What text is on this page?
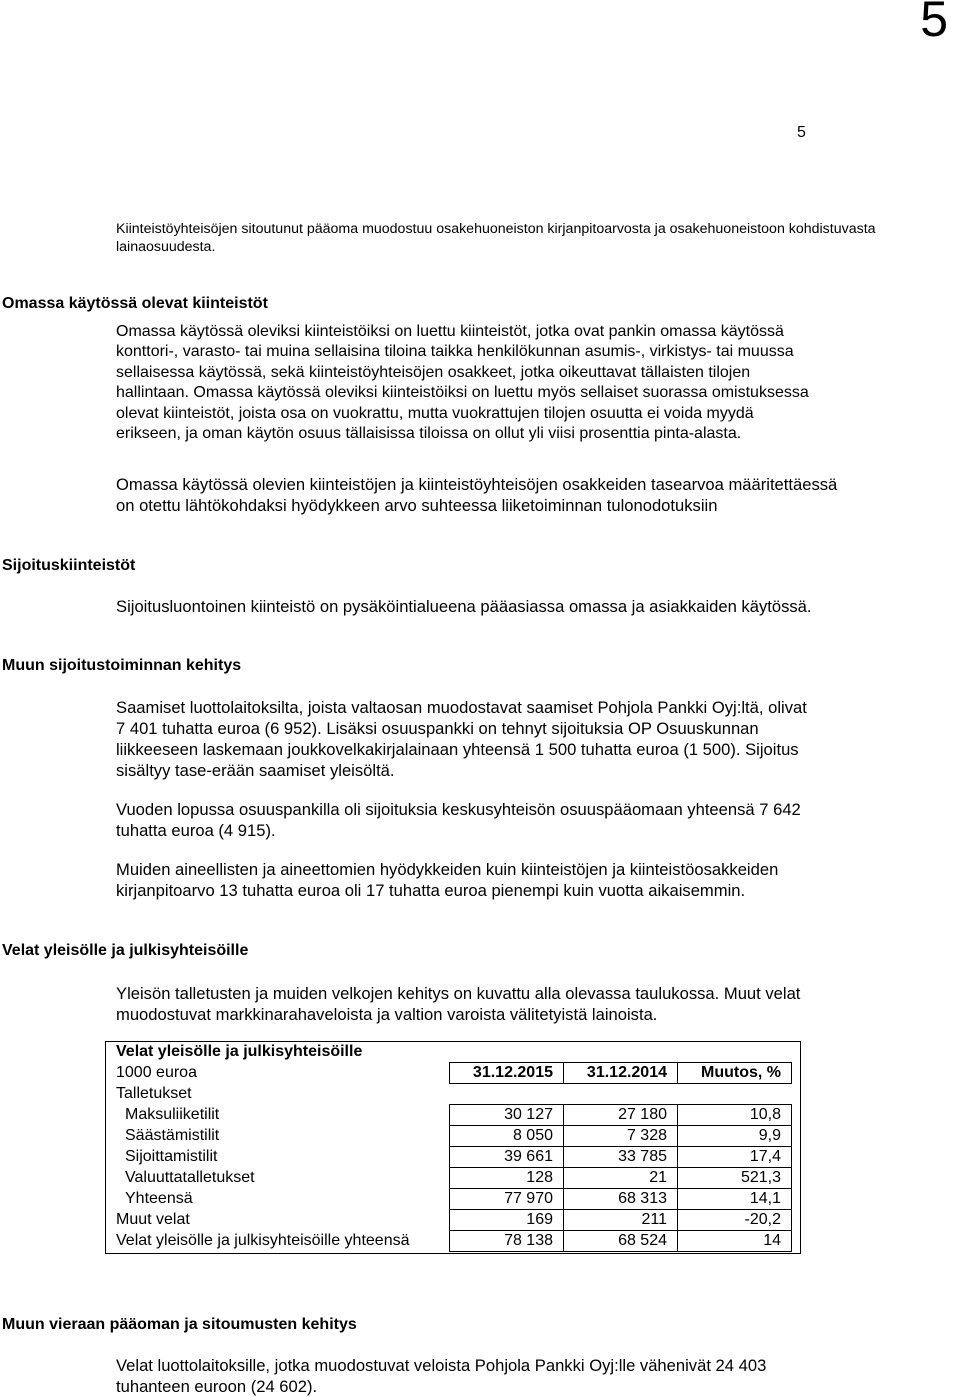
5
5
Kiinteistöyhteisöjen sitoutunut pääoma muodostuu osakehuoneiston kirjanpitoarvosta ja osakehuoneistoon kohdistuvasta
lainaosuudesta.
Omassa käytössä olevat kiinteistöt
Omassa käytössä oleviksi kiinteistöiksi on luettu kiinteistöt, jotka ovat pankin omassa käytössä
konttori-, varasto- tai muina sellaisina tiloina taikka henkilökunnan asumis-, virkistys- tai muussa
sellaisessa käytössä, sekä kiinteistöyhteisöjen osakkeet, jotka oikeuttavat tällaisten tilojen
hallintaan. Omassa käytössä oleviksi kiinteistöiksi on luettu myös sellaiset suorassa omistuksessa
olevat kiinteistöt, joista osa on vuokrattu, mutta vuokrattujen tilojen osuutta ei voida myydä
erikseen, ja oman käytön osuus tällaisissa tiloissa on ollut yli viisi prosenttia pinta-alasta.
Omassa käytössä olevien kiinteistöjen ja kiinteistöyhteisöjen osakkeiden tasearvoa määritettäessä
on otettu lähtökohdaksi hyödykkeen arvo suhteessa liiketoiminnan tulonodotuksiin
Sijoituskiinteistöt
Sijoitusluontoinen kiinteistö on pysäköintialueena pääasiassa omassa ja asiakkaiden käytössä.
Muun sijoitustoiminnan kehitys
Saamiset luottolaitoksilta, joista valtaosan muodostavat saamiset Pohjola Pankki Oyj:ltä, olivat
7 401 tuhatta euroa (6 952). Lisäksi osuuspankki on tehnyt sijoituksia OP Osuuskunnan
liikkeeseen laskemaan joukkovelkakirjalainaan yhteensä 1 500 tuhatta euroa (1 500). Sijoitus
sisältyy tase-erään saamiset yleisöltä.
Vuoden lopussa osuuspankilla oli sijoituksia keskusyhteisön osuuspääomaan yhteensä 7 642
tuhatta euroa (4 915).
Muiden aineellisten ja aineettomien hyödykkeiden kuin kiinteistöjen ja kiinteistöosakkeiden
kirjanpitoarvo 13 tuhatta euroa oli 17 tuhatta euroa pienempi kuin vuotta aikaisemmin.
Velat yleisölle ja julkisyhteisöille
Yleisön talletusten ja muiden velkojen kehitys on kuvattu alla olevassa taulukossa. Muut velat
muodostuvat markkinarahaveloista ja valtion varoista välitetyistä lainoista.
Velat yleisölle ja julkisyhteisöille			
1000 euroa	31.12.2015	31.12.2014	Muutos, %
Talletukset			
Maksuliiketilit	30 127	27 180	10,8
Säästämistilit	8 050	7 328	9,9
Sijoittamistilit	39 661	33 785	17,4
Valuuttatalletukset	128	21	521,3
Yhteensä	77 970	68 313	14,1
Muut velat	169	211	-20,2
Velat yleisölle ja julkisyhteisöille yhteensä	78 138	68 524	14
Muun vieraan pääoman ja sitoumusten kehitys
Velat luottolaitoksille, jotka muodostuvat veloista Pohjola Pankki Oyj:lle vähenivät 24 403
tuhanteen euroon (24 602).
